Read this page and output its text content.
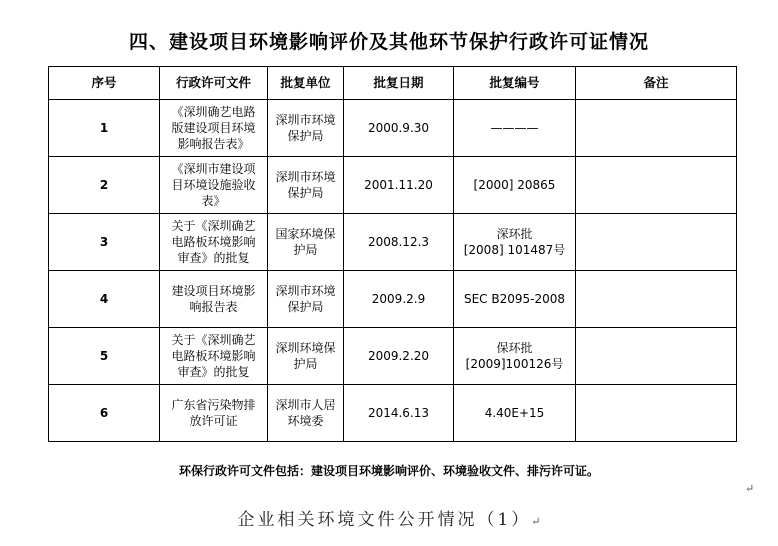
四、建设项目环境影响评价及其他环节保护行政许可证情况
序号	行政许可文件	批复单位	批复日期	批复编号	备注
1	《深圳确艺电路
版建设项目环境
影响报告表》	深圳市环境
保护局	2000.9.30	————	

2	《深圳市建设项
目环境设施验收
表》	深圳市环境
保护局	2001.11.20	[2000] 20865	

3	关于《深圳确艺
电路板环境影响
审查》的批复	国家环境保
护局	2008.12.3	深环批
[2008] 101487号	

4	建设项目环境影
响报告表	深圳市环境
保护局	2009.2.9	SEC B2095-2008	

5	关于《深圳确艺
电路板环境影响
审查》的批复	深圳环境保
护局	2009.2.20	保环批
[2009]100126号	

6	广东省污染物排
放许可证	深圳市人居
环境委	2014.6.13	4.40E+15	

环保行政许可文件包括：建设项目环境影响评价、环境验收文件、排污许可证。
↵
企业相关环境文件公开情况（1）↵
